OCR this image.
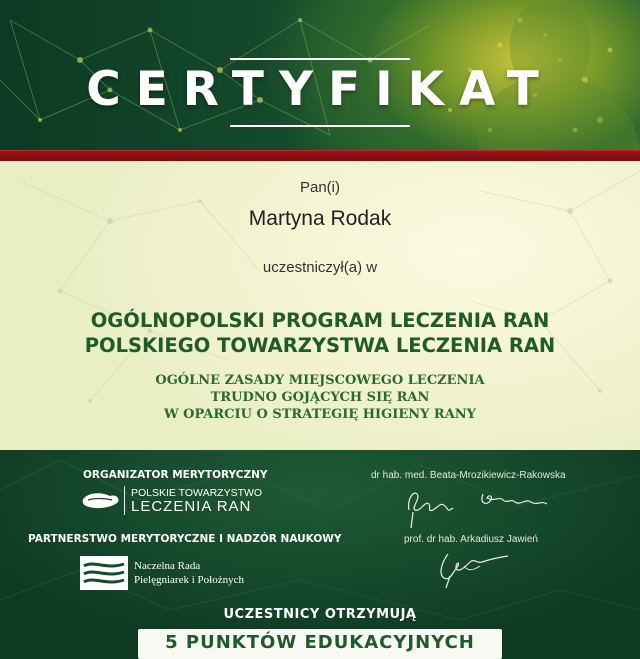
CERTYFIKAT
Pan(i)
Martyna Rodak
uczestniczył(a) w
OGÓLNOPOLSKI PROGRAM LECZENIA RAN
POLSKIEGO TOWARZYSTWA LECZENIA RAN
OGÓLNE ZASADY MIEJSCOWEGO LECZENIA
TRUDNO GOJĄCYCH SIĘ RAN
W OPARCIU O STRATEGIĘ HIGIENY RANY
ORGANIZATOR MERYTORYCZNY
POLSKIE TOWARZYSTWO
LECZENIA RAN
PARTNERSTWO MERYTORYCZNE I NADZÓR NAUKOWY
Naczelna Rada
Pielęgniarek i Położnych
dr hab. med. Beata-Mrozikiewicz-Rakowska
prof. dr hab. Arkadiusz Jawień
UCZESTNICY OTRZYMUJĄ
5 PUNKTÓW EDUKACYJNYCH
